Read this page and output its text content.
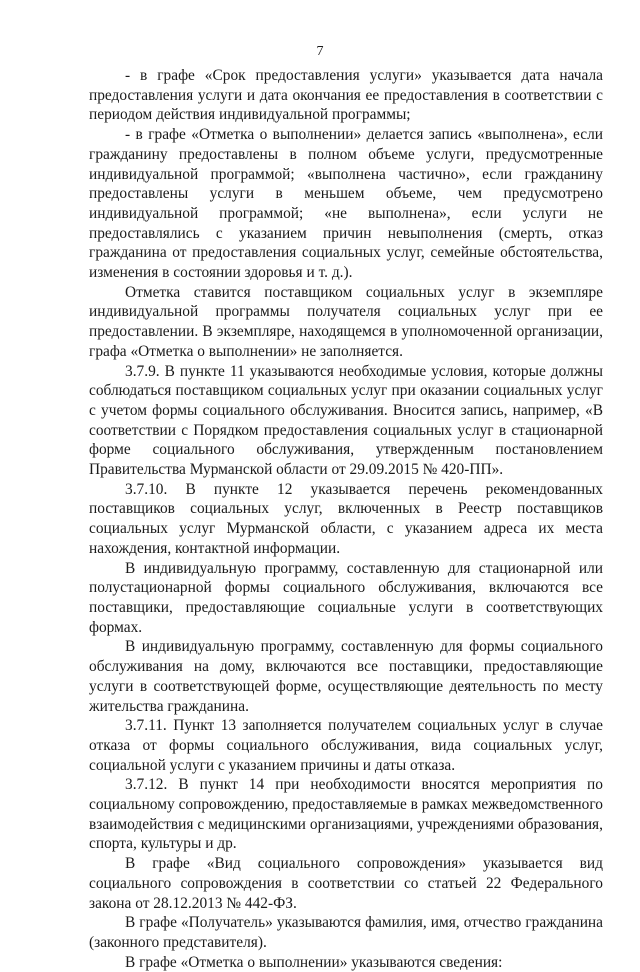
7

- в графе «Срок предоставления услуги» указывается дата начала предоставления услуги и дата окончания ее предоставления в соответствии с периодом действия индивидуальной программы;

- в графе «Отметка о выполнении» делается запись «выполнена», если гражданину предоставлены в полном объеме услуги, предусмотренные индивидуальной программой; «выполнена частично», если гражданину предоставлены услуги в меньшем объеме, чем предусмотрено индивидуальной программой; «не выполнена», если услуги не предоставлялись с указанием причин невыполнения (смерть, отказ гражданина от предоставления социальных услуг, семейные обстоятельства, изменения в состоянии здоровья и т. д.).

Отметка ставится поставщиком социальных услуг в экземпляре индивидуальной программы получателя социальных услуг при ее предоставлении. В экземпляре, находящемся в уполномоченной организации, графа «Отметка о выполнении» не заполняется.

3.7.9. В пункте 11 указываются необходимые условия, которые должны соблюдаться поставщиком социальных услуг при оказании социальных услуг с учетом формы социального обслуживания. Вносится запись, например, «В соответствии с Порядком предоставления социальных услуг в стационарной форме социального обслуживания, утвержденным постановлением Правительства Мурманской области от 29.09.2015 № 420-ПП».

3.7.10. В пункте 12 указывается перечень рекомендованных поставщиков социальных услуг, включенных в Реестр поставщиков социальных услуг Мурманской области, с указанием адреса их места нахождения, контактной информации.

В индивидуальную программу, составленную для стационарной или полустационарной формы социального обслуживания, включаются все поставщики, предоставляющие социальные услуги в соответствующих формах.

В индивидуальную программу, составленную для формы социального обслуживания на дому, включаются все поставщики, предоставляющие услуги в соответствующей форме, осуществляющие деятельность по месту жительства гражданина.

3.7.11. Пункт 13 заполняется получателем социальных услуг в случае отказа от формы социального обслуживания, вида социальных услуг, социальной услуги с указанием причины и даты отказа.

3.7.12. В пункт 14 при необходимости вносятся мероприятия по социальному сопровождению, предоставляемые в рамках межведомственного взаимодействия с медицинскими организациями, учреждениями образования, спорта, культуры и др.

В графе «Вид социального сопровождения» указывается вид социального сопровождения в соответствии со статьей 22 Федерального закона от 28.12.2013 № 442-ФЗ.

В графе «Получатель» указываются фамилия, имя, отчество гражданина (законного представителя).

В графе «Отметка о выполнении» указываются сведения:
